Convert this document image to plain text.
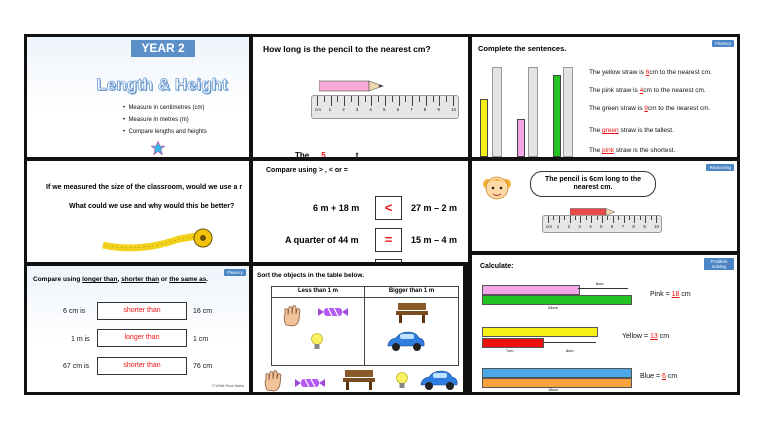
YEAR 2
Length & Height
•  Measure in centimetres (cm)
•  Measure in metres (m)
•  Compare lengths and heights
How long is the pencil to the nearest cm?
cm 1 2 3 4 5 6 7 8 9 10
The 5	t
Fluency
Complete the sentences.
The yellow straw is 6cm to the nearest cm.
The pink straw is 4cm to the nearest cm.
The green straw is 9cm to the nearest cm.
The green straw is the tallest.
The pink straw is the shortest.
If we measured the size of the classroom, would we use a r
What could we use and why would this be better?
Compare using > , < or =
6 m + 18 m	<	27 m – 2 m
A quarter of 44 m	=	15 m – 4 m
Reasoning
The pencil is 6cm long to the nearest cm.
cm 1 2 3 4 5 6 7 8 9 10
Fluency
Compare using longer than, shorter than or the same as.
6 cm is	shorter than	16 cm
1 m is	longer than	1 cm
67 cm is	shorter than	76 cm
© White Rose Maths
Sort the objects in the table below.
Less than 1 m	Bigger than 1 m
Problem solving
Calculate:
6cm
24cm
Pink = 18 cm
7cm	6cm
Yellow = 13 cm
18cm
Blue = 6 cm
